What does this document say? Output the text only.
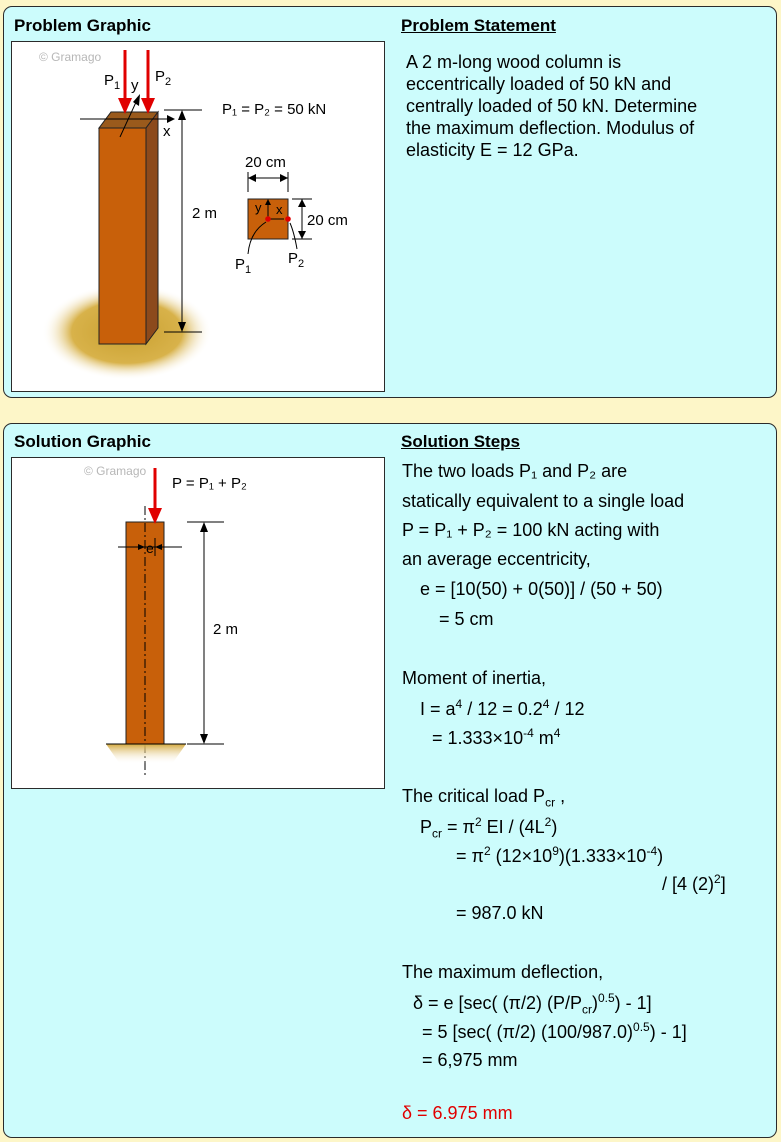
Problem Graphic	Problem Statement
© Gramago
x
y
$P_1$
$P_2$
P₁ = P₂ = 50 kN
2 m
20 cm
y x
20 cm
$P_1$
$P_2$
A 2 m-long wood column is
eccentrically loaded of 50 kN and
centrally loaded of 50 kN. Determine
the maximum deflection. Modulus of
elasticity E = 12 GPa.
Solution Graphic	Solution Steps
© Gramago
P = P₁ + P₂
e
2 m
The two loads P₁ and P₂ are
statically equivalent to a single load
P = P₁ + P₂ = 100 kN acting with
an average eccentricity,
e = [10(50) + 0(50)] / (50 + 50)
= 5 cm
Moment of inertia,
$I = a^4 / 12 = 0.2^4 / 12$
= $1.333\times 10^{-4}$ $m^4$
The critical load $P_{cr}$ ,
$P_{cr} = \pi^2$ EI / $(4L^2)$
= $\pi^2$ $(12\times 10^9)(1.333\times 10^{-4})$
/ [4 $(2)^2$]
= 987.0 kN
The maximum deflection,
δ = e [sec( (π/2) $(P/P_{cr})^{0.5}) - 1$]
= 5 [sec( (π/2) $(100/987.0)^{0.5}) - 1$]
= 6,975 mm
δ = 6.975 mm
